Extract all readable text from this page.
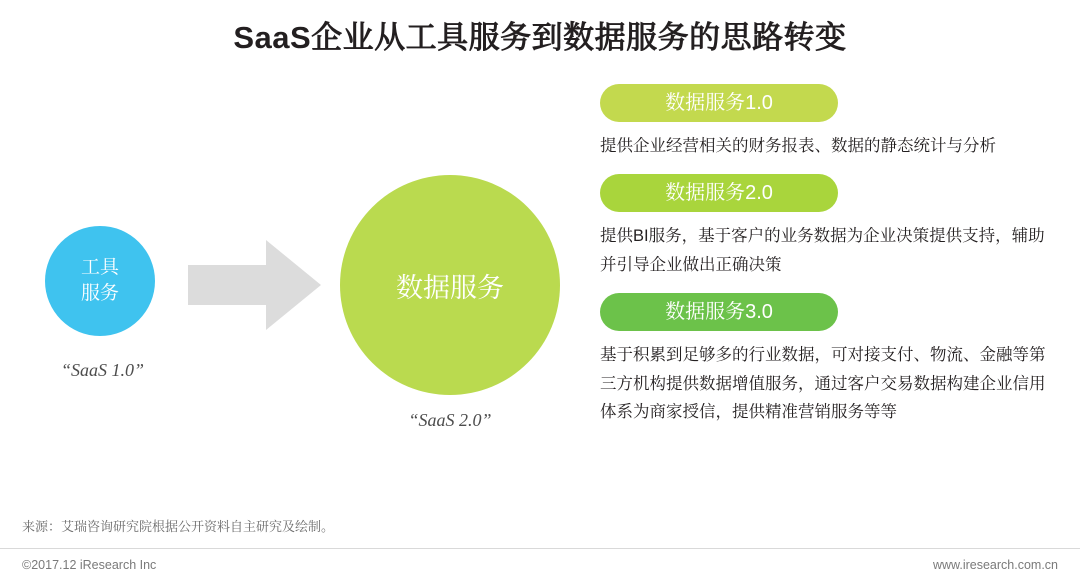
SaaS企业从工具服务到数据服务的思路转变
工具
服务
“SaaS 1.0”
数据服务
“SaaS 2.0”
数据服务1.0
提供企业经营相关的财务报表、数据的静态统计与分析
数据服务2.0
提供BI服务，基于客户的业务数据为企业决策提供支持，辅助并引导企业做出正确决策
数据服务3.0
基于积累到足够多的行业数据，可对接支付、物流、金融等第三方机构提供数据增值服务，通过客户交易数据构建企业信用体系为商家授信，提供精准营销服务等等
来源：艾瑞咨询研究院根据公开资料自主研究及绘制。
©2017.12 iResearch Inc	www.iresearch.com.cn
